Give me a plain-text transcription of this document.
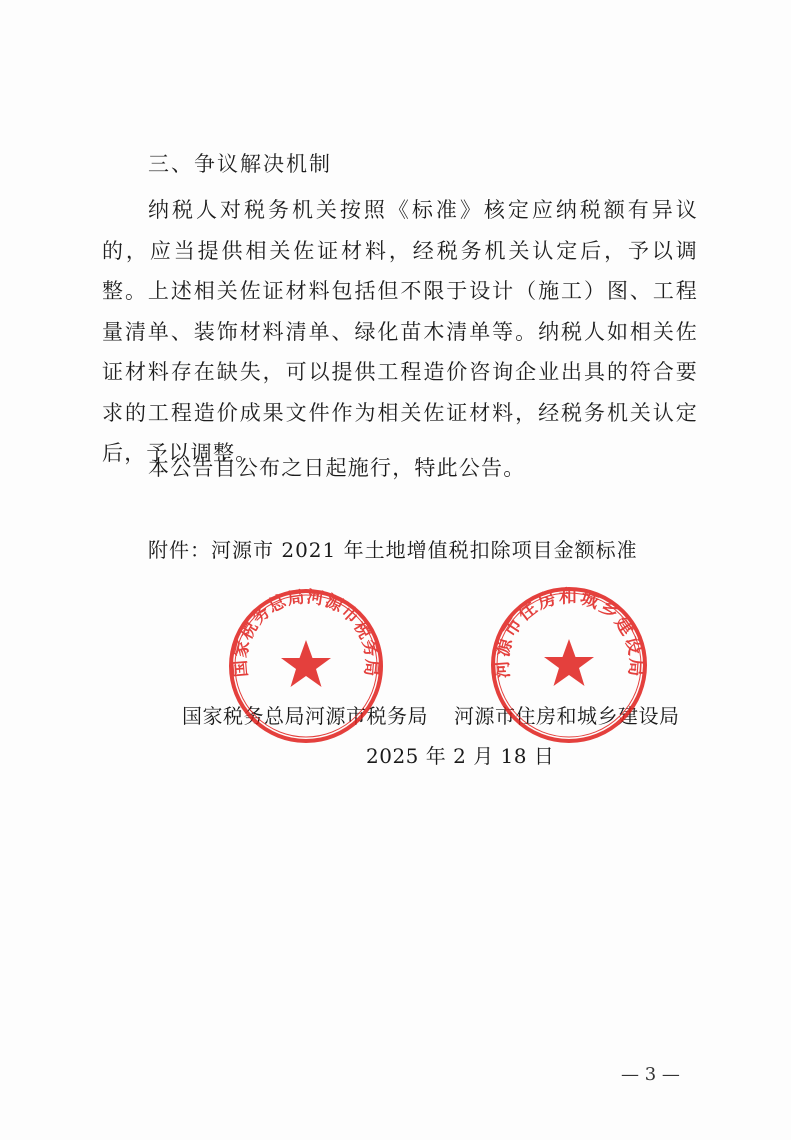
三、争议解决机制

纳税人对税务机关按照《标准》核定应纳税额有异议的，应当提供相关佐证材料，经税务机关认定后，予以调整。上述相关佐证材料包括但不限于设计（施工）图、工程量清单、装饰材料清单、绿化苗木清单等。纳税人如相关佐证材料存在缺失，可以提供工程造价咨询企业出具的符合要求的工程造价成果文件作为相关佐证材料，经税务机关认定后，予以调整。

本公告自公布之日起施行，特此公告。
附件：河源市 2021 年土地增值税扣除项目金额标准
国家税务总局河源市税务局 河源市住房和城乡建设局
2025 年 2 月 18 日
国家税务总局河源市税务局	河源市住房和城乡建设局
— 3 —
